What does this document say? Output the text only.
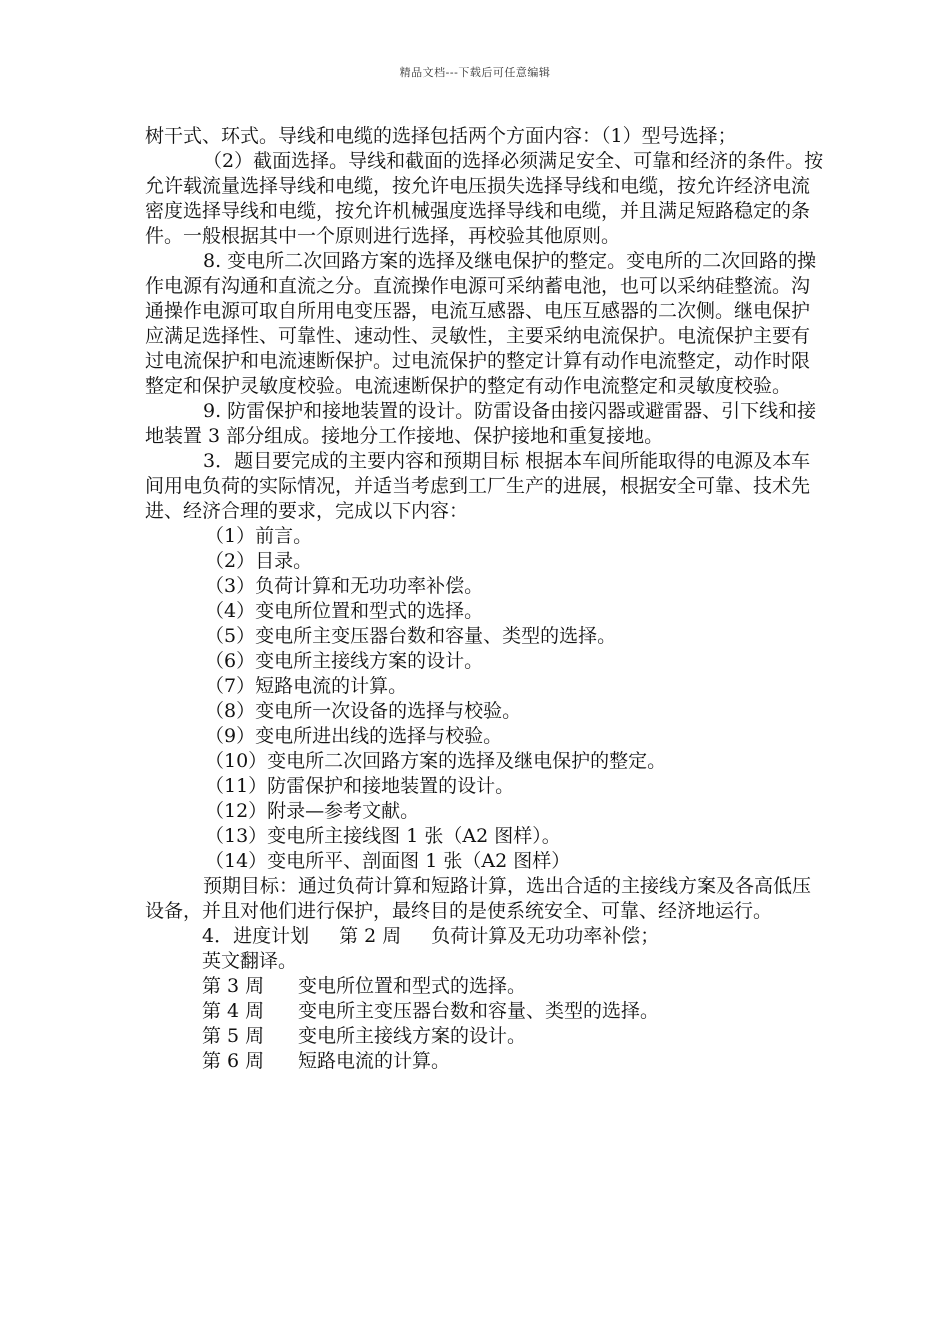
精品文档---下载后可任意编辑

树干式、环式。导线和电缆的选择包括两个方面内容：（1）型号选择；

（2）截面选择。导线和截面的选择必须满足安全、可靠和经济的条件。按允许载流量选择导线和电缆，按允许电压损失选择导线和电缆，按允许经济电流密度选择导线和电缆，按允许机械强度选择导线和电缆，并且满足短路稳定的条件。一般根据其中一个原则进行选择，再校验其他原则。

8. 变电所二次回路方案的选择及继电保护的整定。变电所的二次回路的操作电源有沟通和直流之分。直流操作电源可采纳蓄电池，也可以采纳硅整流。沟通操作电源可取自所用电变压器，电流互感器、电压互感器的二次侧。继电保护应满足选择性、可靠性、速动性、灵敏性，主要采纳电流保护。电流保护主要有过电流保护和电流速断保护。过电流保护的整定计算有动作电流整定，动作时限整定和保护灵敏度校验。电流速断保护的整定有动作电流整定和灵敏度校验。

9. 防雷保护和接地装置的设计。防雷设备由接闪器或避雷器、引下线和接地装置 3 部分组成。接地分工作接地、保护接地和重复接地。

3．题目要完成的主要内容和预期目标 根据本车间所能取得的电源及本车间用电负荷的实际情况，并适当考虑到工厂生产的进展，根据安全可靠、技术先进、经济合理的要求，完成以下内容：

（1）前言。
（2）目录。
（3）负荷计算和无功功率补偿。
（4）变电所位置和型式的选择。
（5）变电所主变压器台数和容量、类型的选择。
（6）变电所主接线方案的设计。
（7）短路电流的计算。
（8）变电所一次设备的选择与校验。
（9）变电所进出线的选择与校验。
（10）变电所二次回路方案的选择及继电保护的整定。
（11）防雷保护和接地装置的设计。
（12）附录—参考文献。
（13）变电所主接线图 1 张（A2 图样）。
（14）变电所平、剖面图 1 张（A2 图样）

预期目标：通过负荷计算和短路计算，选出合适的主接线方案及各高低压设备，并且对他们进行保护，最终目的是使系统安全、可靠、经济地运行。

4．进度计划 第 2 周 负荷计算及无功功率补偿；
英文翻译。
第 3 周 变电所位置和型式的选择。
第 4 周 变电所主变压器台数和容量、类型的选择。
第 5 周 变电所主接线方案的设计。
第 6 周 短路电流的计算。
